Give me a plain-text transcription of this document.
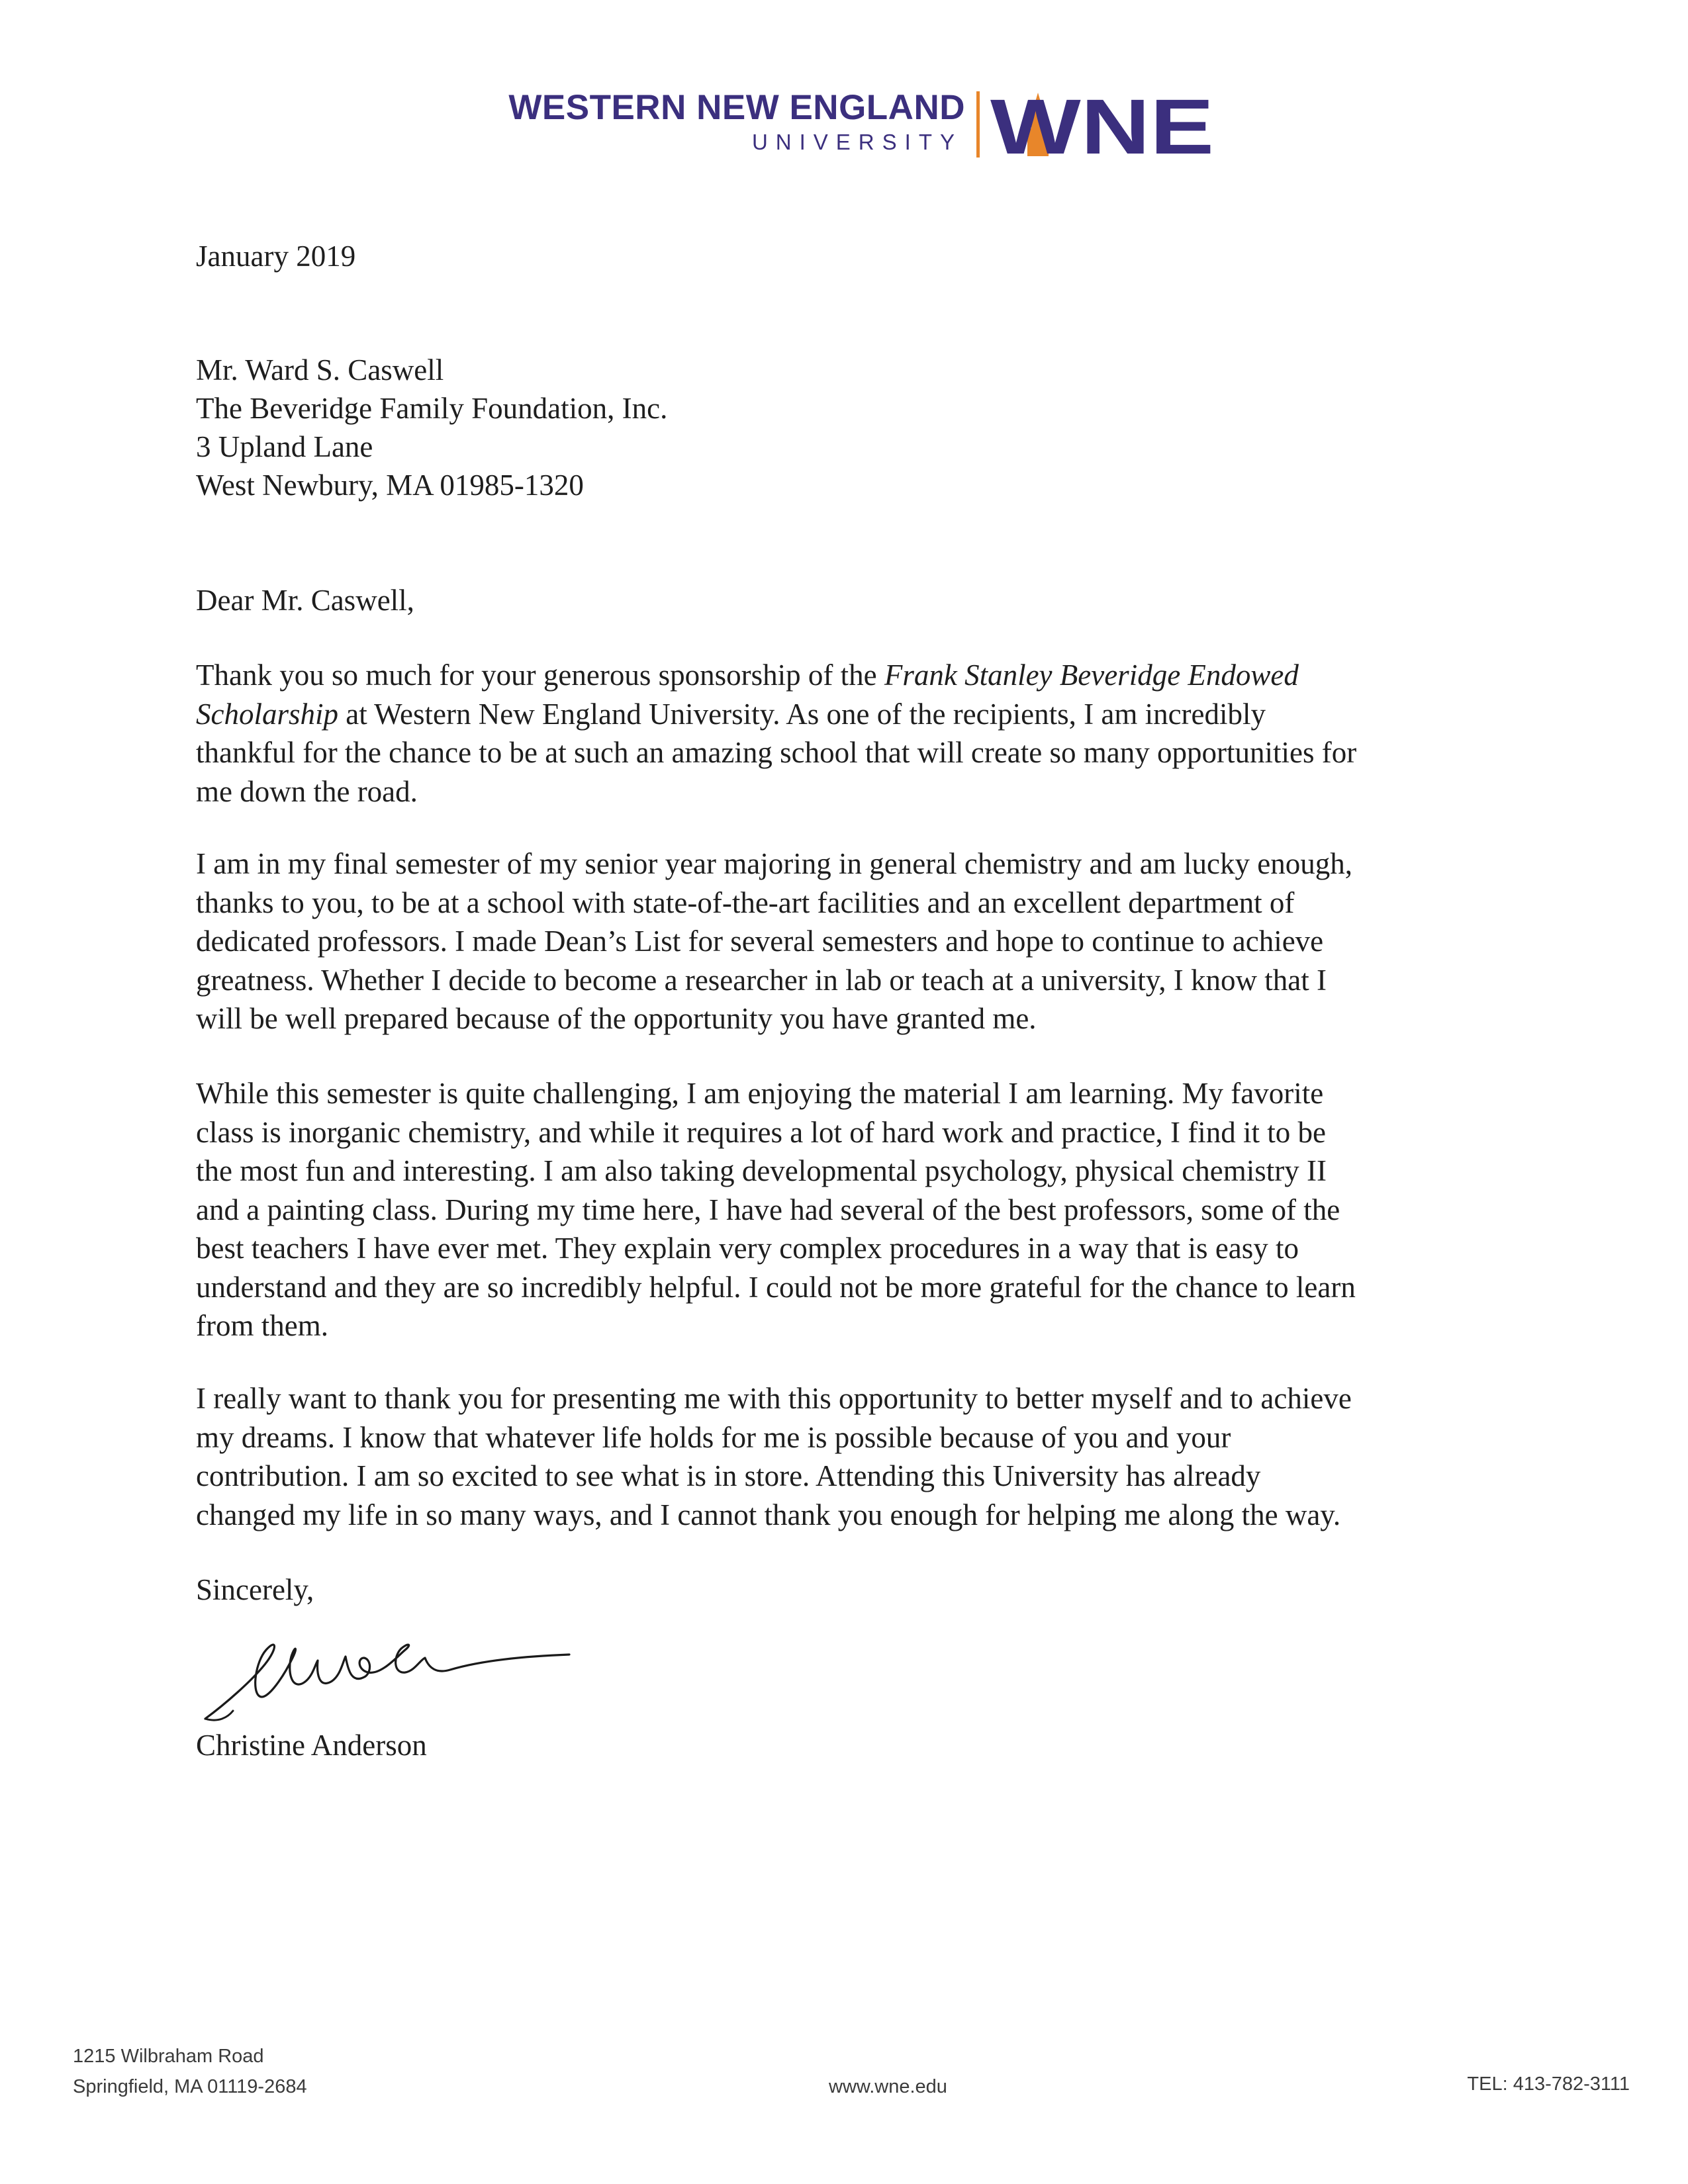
WESTERN NEW ENGLAND
UNIVERSITY WNE
January 2019
Mr. Ward S. Caswell
The Beveridge Family Foundation, Inc.
3 Upland Lane
West Newbury, MA 01985-1320
Dear Mr. Caswell,
Thank you so much for your generous sponsorship of the Frank Stanley Beveridge Endowed
Scholarship at Western New England University. As one of the recipients, I am incredibly
thankful for the chance to be at such an amazing school that will create so many opportunities for
me down the road.
I am in my final semester of my senior year majoring in general chemistry and am lucky enough,
thanks to you, to be at a school with state-of-the-art facilities and an excellent department of
dedicated professors. I made Dean’s List for several semesters and hope to continue to achieve
greatness. Whether I decide to become a researcher in lab or teach at a university, I know that I
will be well prepared because of the opportunity you have granted me.
While this semester is quite challenging, I am enjoying the material I am learning. My favorite
class is inorganic chemistry, and while it requires a lot of hard work and practice, I find it to be
the most fun and interesting. I am also taking developmental psychology, physical chemistry II
and a painting class. During my time here, I have had several of the best professors, some of the
best teachers I have ever met. They explain very complex procedures in a way that is easy to
understand and they are so incredibly helpful. I could not be more grateful for the chance to learn
from them.
I really want to thank you for presenting me with this opportunity to better myself and to achieve
my dreams. I know that whatever life holds for me is possible because of you and your
contribution. I am so excited to see what is in store. Attending this University has already
changed my life in so many ways, and I cannot thank you enough for helping me along the way.
Sincerely,
Christine Anderson
1215 Wilbraham Road
Springfield, MA 01119-2684	www.wne.edu	TEL: 413-782-3111
